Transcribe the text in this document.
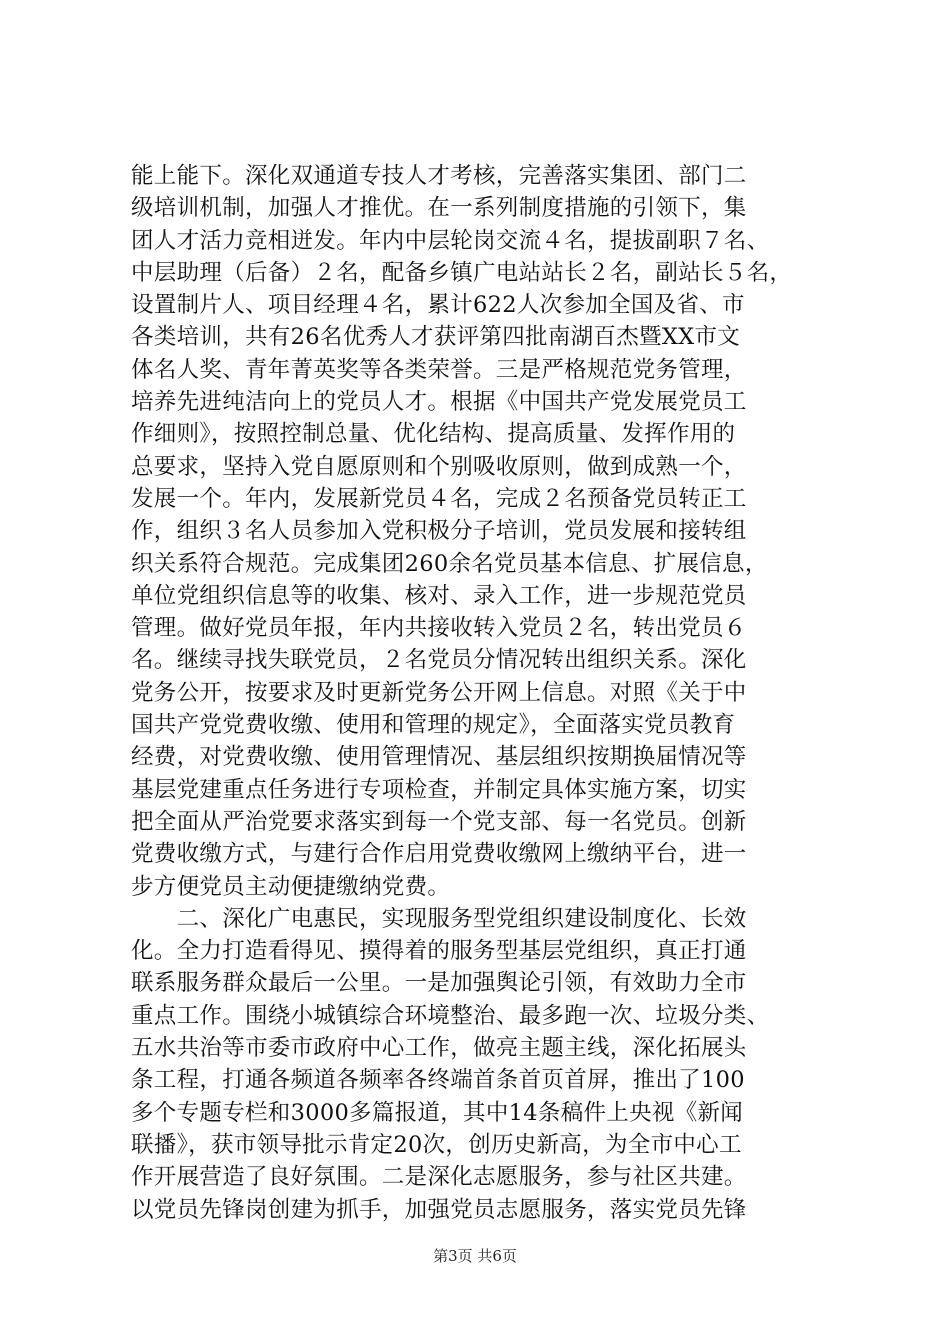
能上能下。深化双通道专技人才考核，完善落实集团、部门二
级培训机制，加强人才推优。在一系列制度措施的引领下，集
团人才活力竞相迸发。年内中层轮岗交流４名，提拔副职７名、
中层助理（后备）２名，配备乡镇广电站站长２名，副站长５名，
设置制片人、项目经理４名，累计622人次参加全国及省、市
各类培训，共有26名优秀人才获评第四批南湖百杰暨XX市文
体名人奖、青年菁英奖等各类荣誉。三是严格规范党务管理，
培养先进纯洁向上的党员人才。根据《中国共产党发展党员工
作细则》，按照控制总量、优化结构、提高质量、发挥作用的
总要求，坚持入党自愿原则和个别吸收原则，做到成熟一个，
发展一个。年内，发展新党员４名，完成２名预备党员转正工
作，组织３名人员参加入党积极分子培训，党员发展和接转组
织关系符合规范。完成集团260余名党员基本信息、扩展信息，
单位党组织信息等的收集、核对、录入工作，进一步规范党员
管理。做好党员年报，年内共接收转入党员２名，转出党员６
名。继续寻找失联党员，２名党员分情况转出组织关系。深化
党务公开，按要求及时更新党务公开网上信息。对照《关于中
国共产党党费收缴、使用和管理的规定》，全面落实党员教育
经费，对党费收缴、使用管理情况、基层组织按期换届情况等
基层党建重点任务进行专项检查，并制定具体实施方案，切实
把全面从严治党要求落实到每一个党支部、每一名党员。创新
党费收缴方式，与建行合作启用党费收缴网上缴纳平台，进一
步方便党员主动便捷缴纳党费。
　　二、深化广电惠民，实现服务型党组织建设制度化、长效
化。全力打造看得见、摸得着的服务型基层党组织，真正打通
联系服务群众最后一公里。一是加强舆论引领，有效助力全市
重点工作。围绕小城镇综合环境整治、最多跑一次、垃圾分类、
五水共治等市委市政府中心工作，做亮主题主线，深化拓展头
条工程，打通各频道各频率各终端首条首页首屏，推出了100
多个专题专栏和3000多篇报道，其中14条稿件上央视《新闻
联播》，获市领导批示肯定20次，创历史新高，为全市中心工
作开展营造了良好氛围。二是深化志愿服务，参与社区共建。
以党员先锋岗创建为抓手，加强党员志愿服务，落实党员先锋
第3页 共6页
